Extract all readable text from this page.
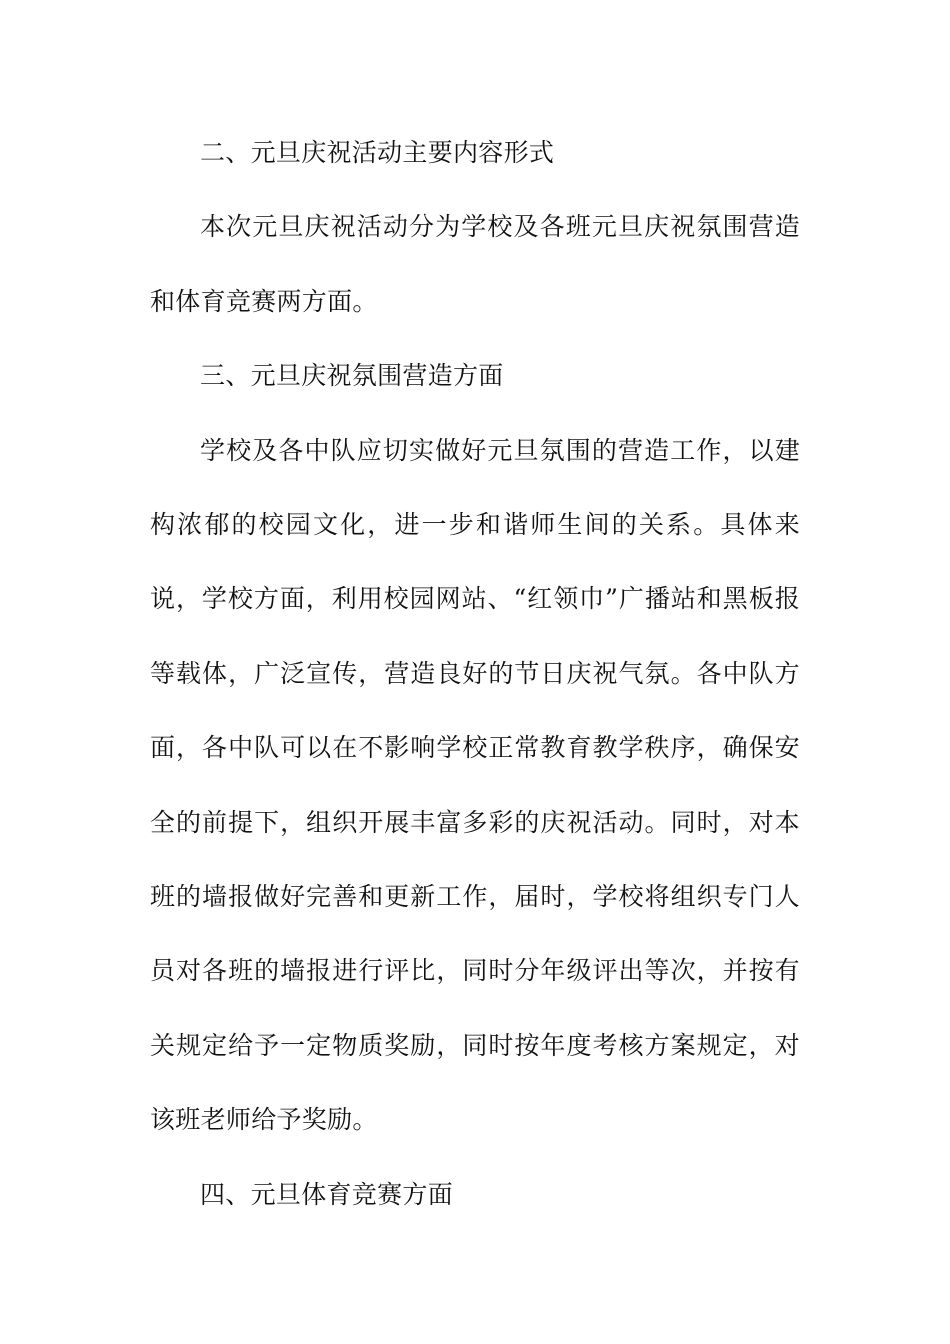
二、元旦庆祝活动主要内容形式

本次元旦庆祝活动分为学校及各班元旦庆祝氛围营造和体育竞赛两方面。

三、元旦庆祝氛围营造方面

学校及各中队应切实做好元旦氛围的营造工作，以建构浓郁的校园文化，进一步和谐师生间的关系。具体来说，学校方面，利用校园网站、“红领巾”广播站和黑板报等载体，广泛宣传，营造良好的节日庆祝气氛。各中队方面，各中队可以在不影响学校正常教育教学秩序，确保安全的前提下，组织开展丰富多彩的庆祝活动。同时，对本班的墙报做好完善和更新工作，届时，学校将组织专门人员对各班的墙报进行评比，同时分年级评出等次，并按有关规定给予一定物质奖励，同时按年度考核方案规定，对该班老师给予奖励。

四、元旦体育竞赛方面
